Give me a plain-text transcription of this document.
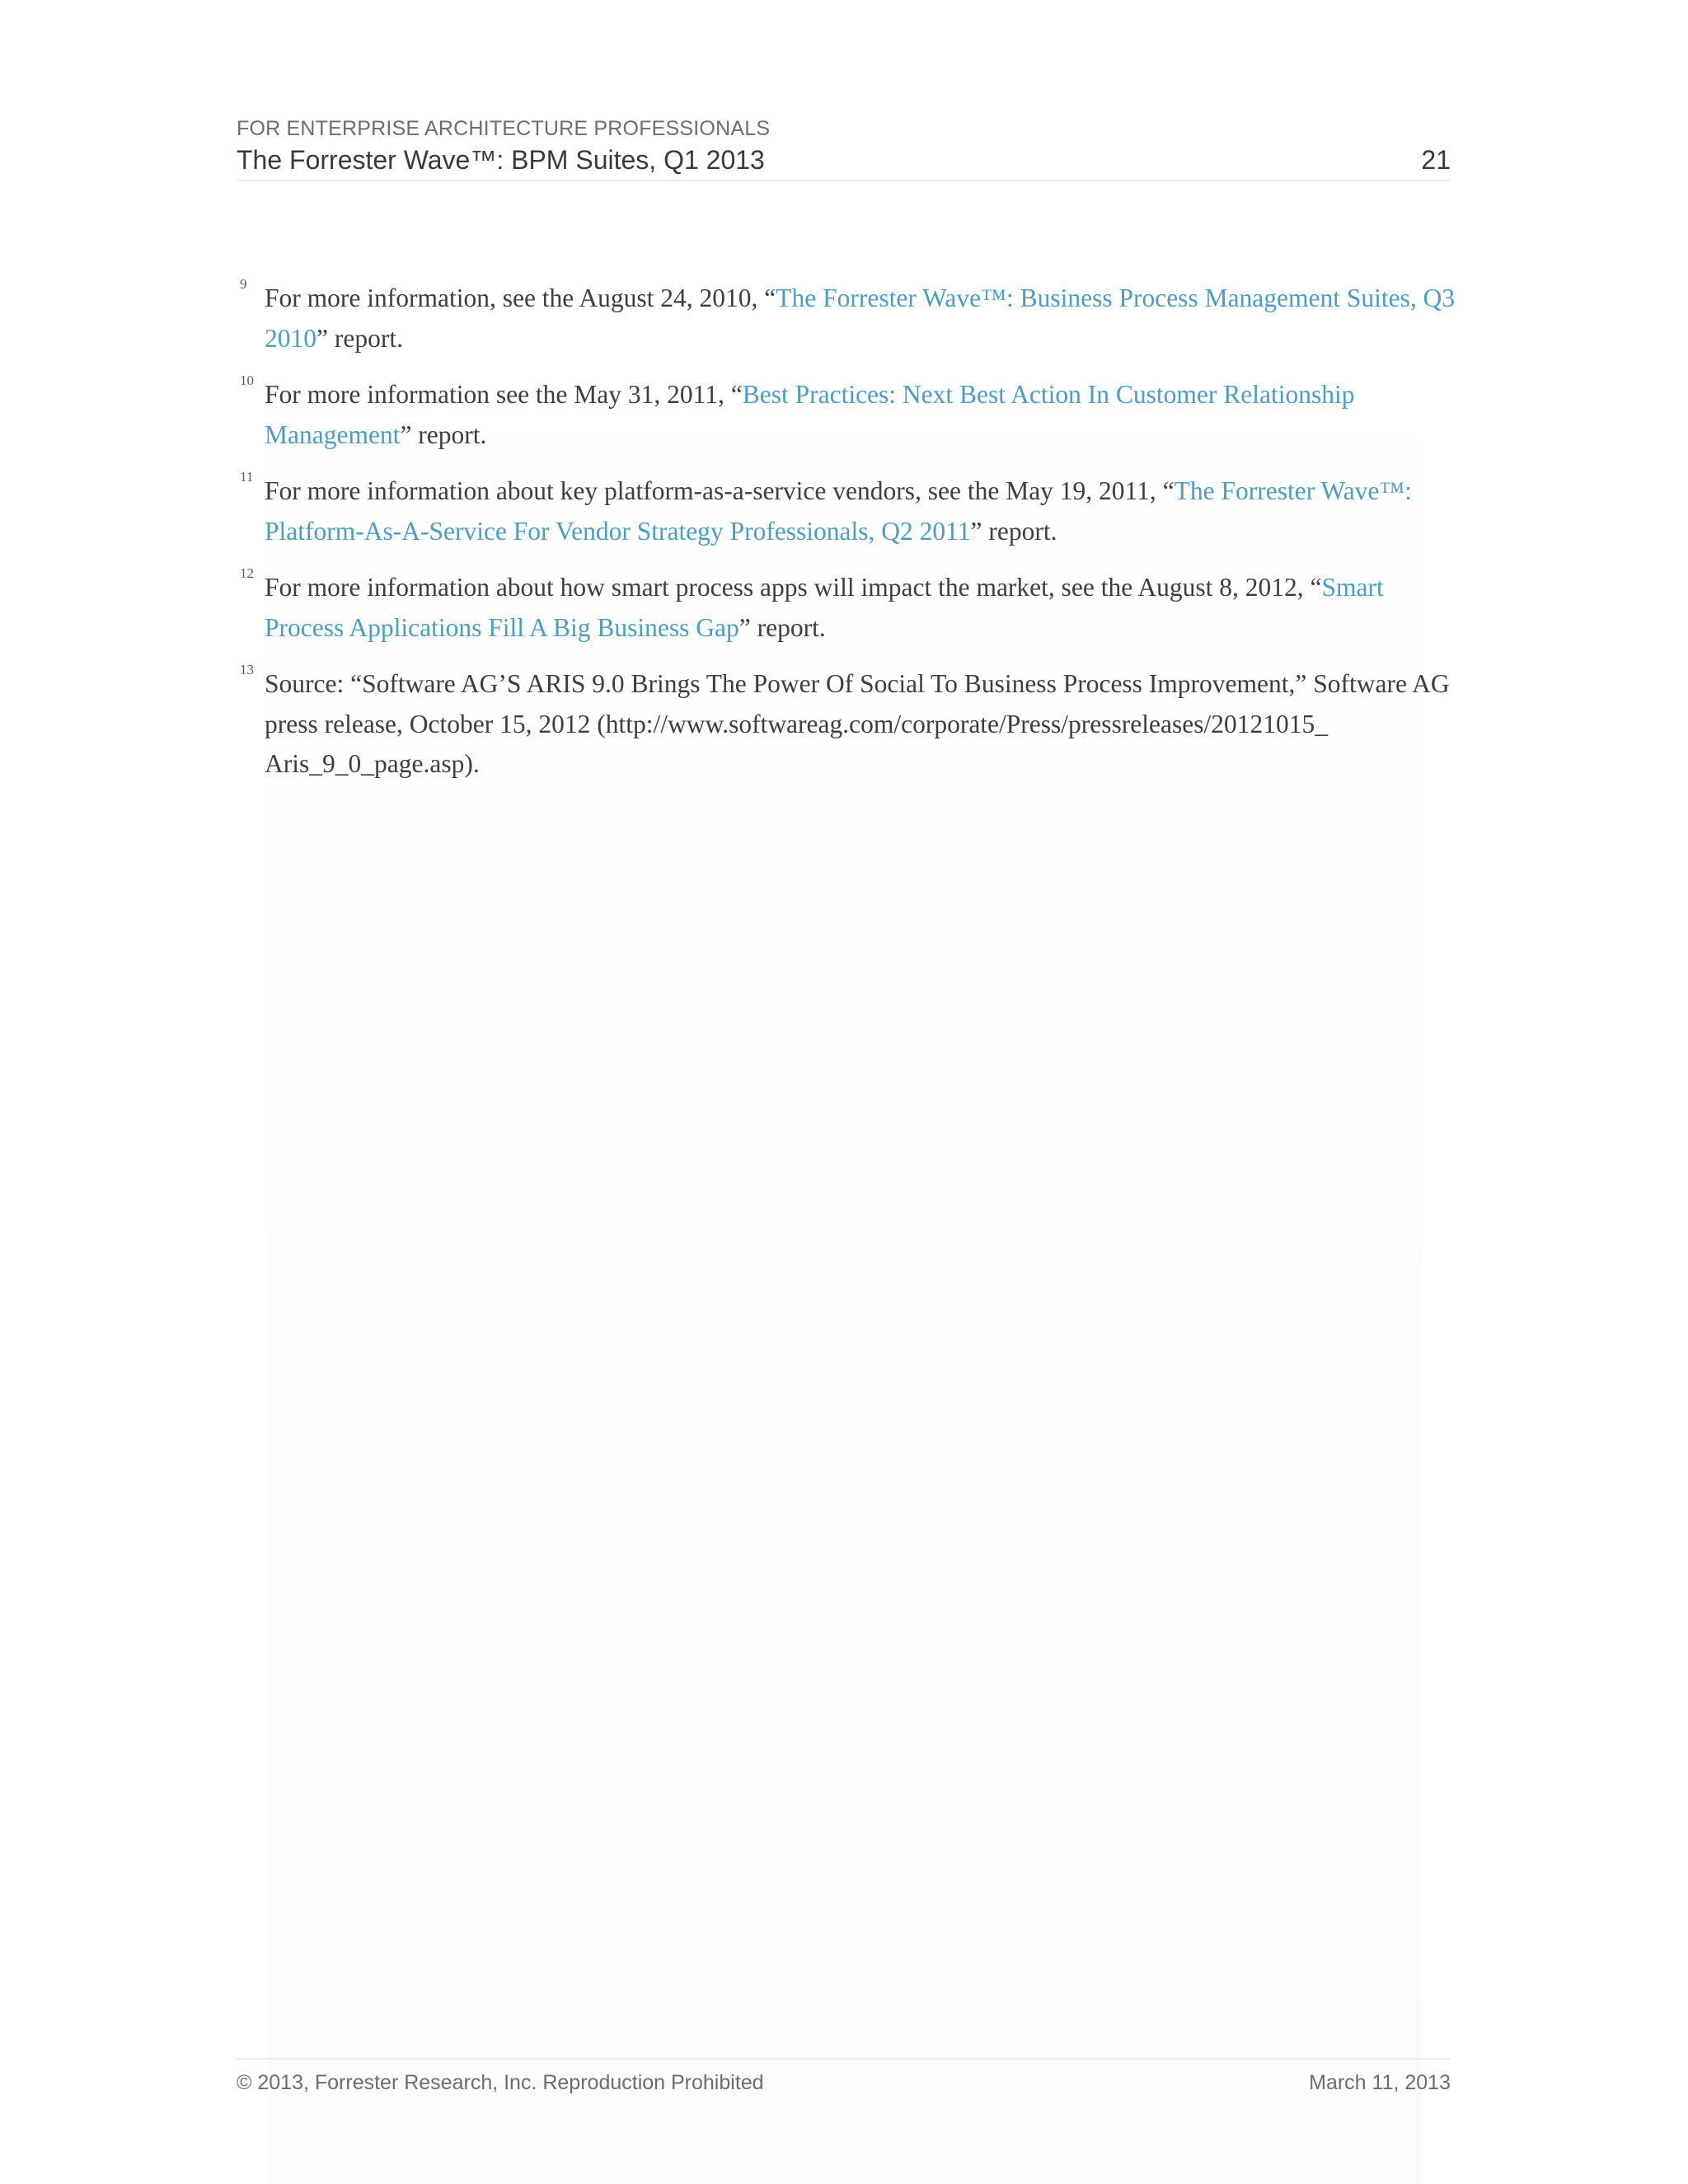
FOR ENTERPRISE ARCHITECTURE PROFESSIONALS
The Forrester Wave™: BPM Suites, Q1 2013	21
9 For more information, see the August 24, 2010, “The Forrester Wave™: Business Process Management Suites, Q3 2010” report.
10 For more information see the May 31, 2011, “Best Practices: Next Best Action In Customer Relationship Management” report.
11 For more information about key platform-as-a-service vendors, see the May 19, 2011, “The Forrester Wave™: Platform-As-A-Service For Vendor Strategy Professionals, Q2 2011” report.
12 For more information about how smart process apps will impact the market, see the August 8, 2012, “Smart Process Applications Fill A Big Business Gap” report.
13 Source: “Software AG’S ARIS 9.0 Brings The Power Of Social To Business Process Improvement,” Software AG press release, October 15, 2012 (http://www.softwareag.com/corporate/Press/pressreleases/20121015_ Aris_9_0_page.asp).
© 2013, Forrester Research, Inc. Reproduction Prohibited	March 11, 2013
